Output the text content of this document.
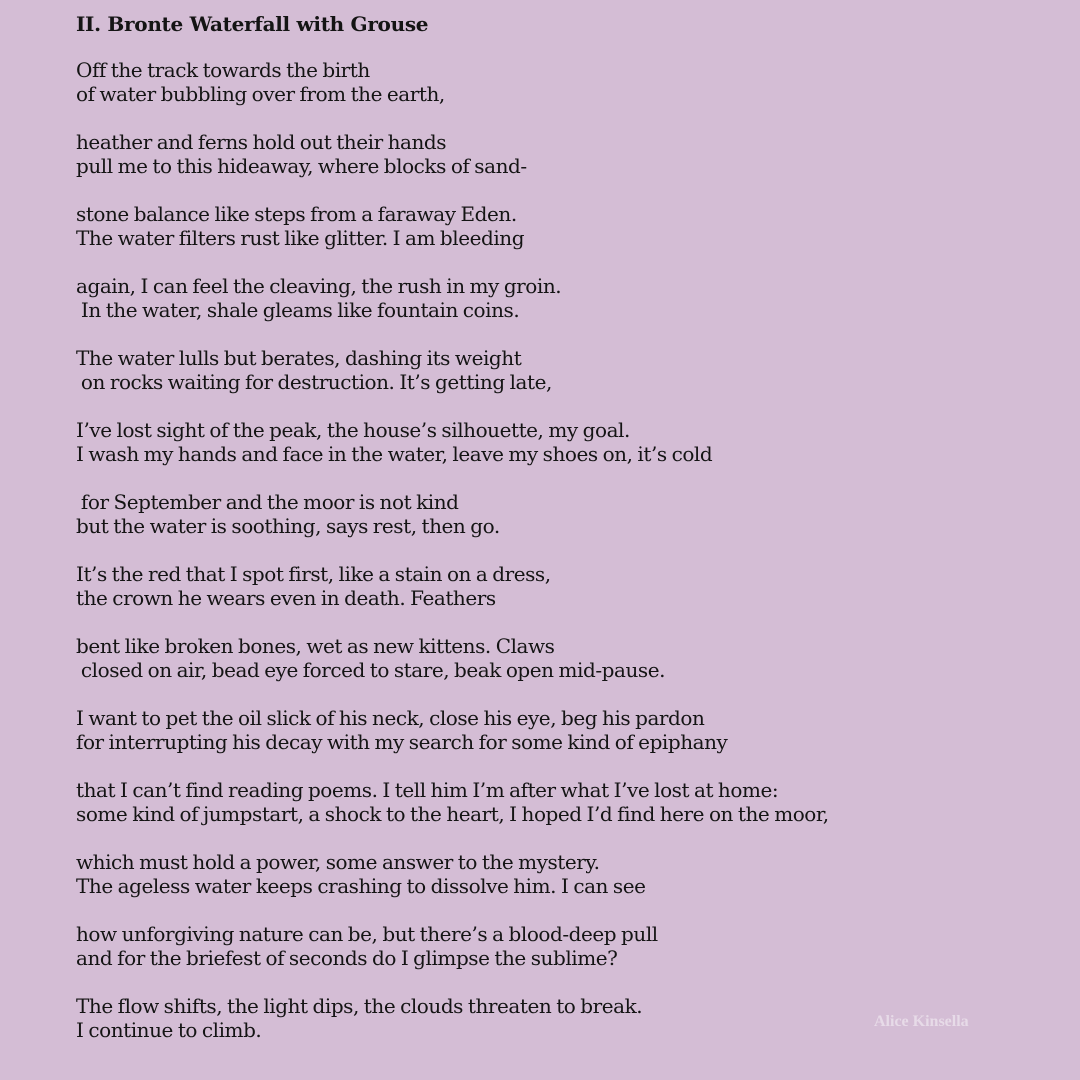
II. Bronte Waterfall with Grouse
Off the track towards the birth
of water bubbling over from the earth,
heather and ferns hold out their hands
pull me to this hideaway, where blocks of sand-
stone balance like steps from a faraway Eden.
The water filters rust like glitter. I am bleeding
again, I can feel the cleaving, the rush in my groin.
In the water, shale gleams like fountain coins.
The water lulls but berates, dashing its weight
on rocks waiting for destruction. It’s getting late,
I’ve lost sight of the peak, the house’s silhouette, my goal.
I wash my hands and face in the water, leave my shoes on, it’s cold
for September and the moor is not kind
but the water is soothing, says rest, then go.
It’s the red that I spot first, like a stain on a dress,
the crown he wears even in death. Feathers
bent like broken bones, wet as new kittens. Claws
closed on air, bead eye forced to stare, beak open mid-pause.
I want to pet the oil slick of his neck, close his eye, beg his pardon
for interrupting his decay with my search for some kind of epiphany
that I can’t find reading poems. I tell him I’m after what I’ve lost at home:
some kind of jumpstart, a shock to the heart, I hoped I’d find here on the moor,
which must hold a power, some answer to the mystery.
The ageless water keeps crashing to dissolve him. I can see
how unforgiving nature can be, but there’s a blood-deep pull
and for the briefest of seconds do I glimpse the sublime?
The flow shifts, the light dips, the clouds threaten to break.
I continue to climb.	Alice Kinsella
